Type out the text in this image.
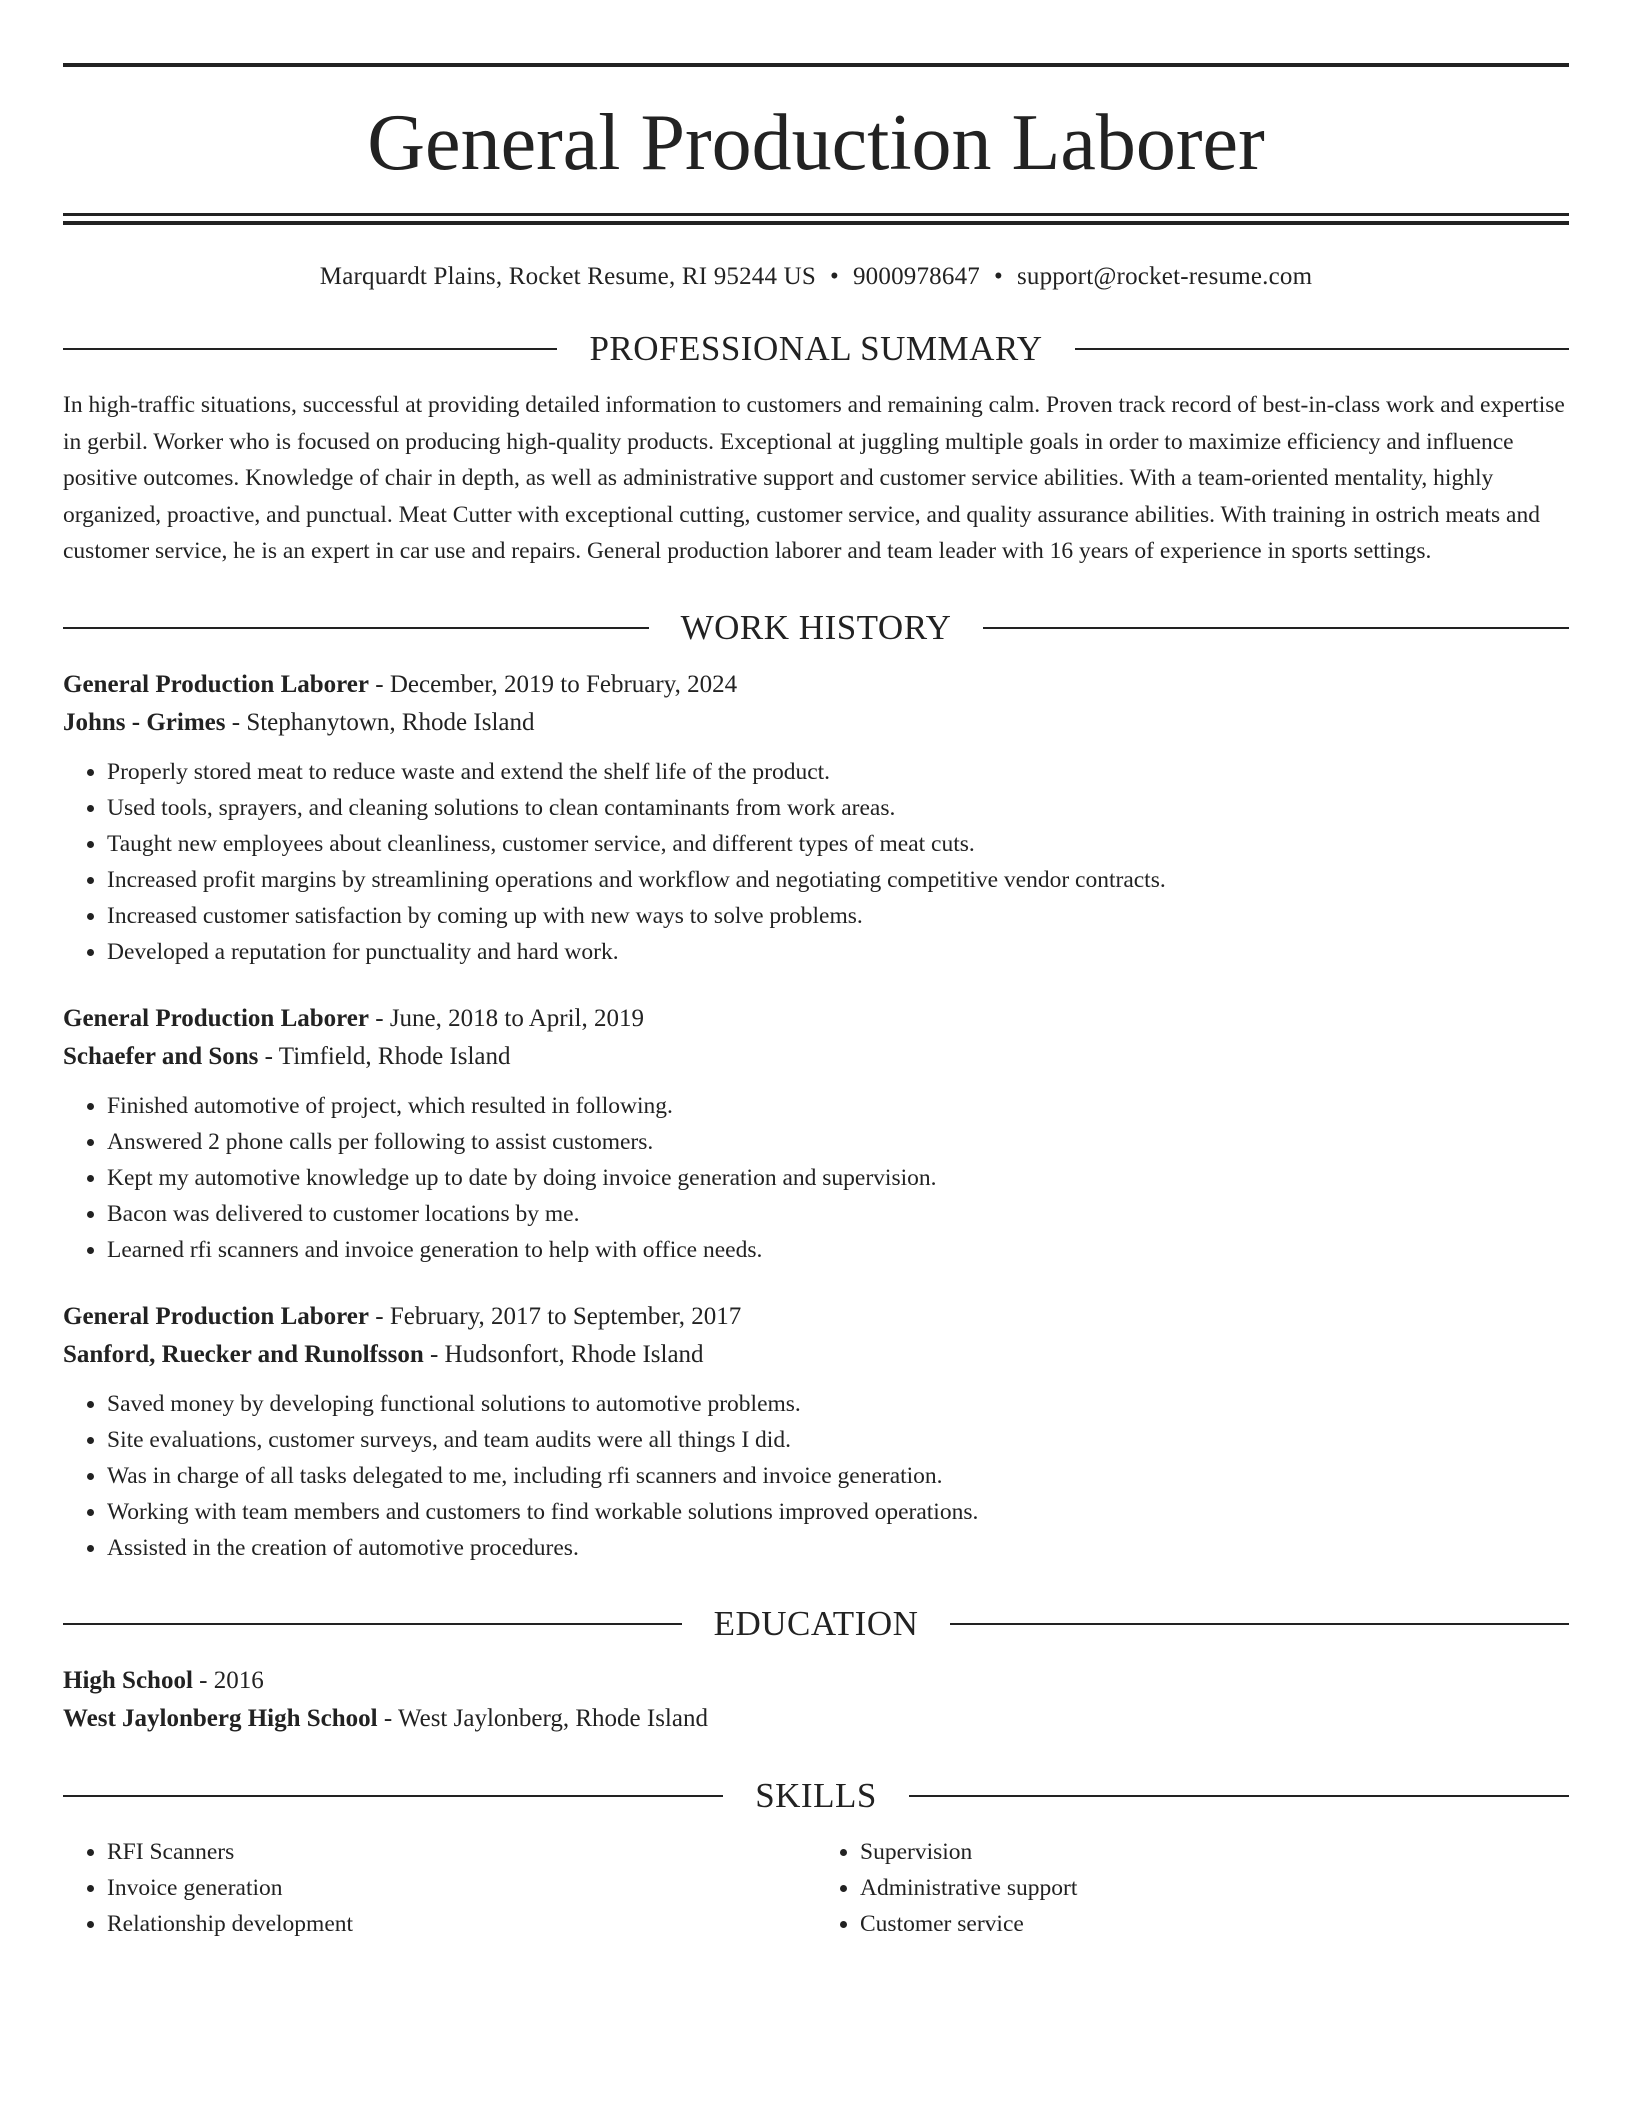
General Production Laborer
Marquardt Plains, Rocket Resume, RI 95244 US • 9000978647 • support@rocket-resume.com
PROFESSIONAL SUMMARY

In high-traffic situations, successful at providing detailed information to customers and remaining calm. Proven track record of best-in-class work and expertise in gerbil. Worker who is focused on producing high-quality products. Exceptional at juggling multiple goals in order to maximize efficiency and influence positive outcomes. Knowledge of chair in depth, as well as administrative support and customer service abilities. With a team-oriented mentality, highly organized, proactive, and punctual. Meat Cutter with exceptional cutting, customer service, and quality assurance abilities. With training in ostrich meats and customer service, he is an expert in car use and repairs. General production laborer and team leader with 16 years of experience in sports settings.

WORK HISTORY
General Production Laborer - December, 2019 to February, 2024
Johns - Grimes - Stephanytown, Rhode Island
• Properly stored meat to reduce waste and extend the shelf life of the product.
• Used tools, sprayers, and cleaning solutions to clean contaminants from work areas.
• Taught new employees about cleanliness, customer service, and different types of meat cuts.
• Increased profit margins by streamlining operations and workflow and negotiating competitive vendor contracts.
• Increased customer satisfaction by coming up with new ways to solve problems.
• Developed a reputation for punctuality and hard work.
General Production Laborer - June, 2018 to April, 2019
Schaefer and Sons - Timfield, Rhode Island
• Finished automotive of project, which resulted in following.
• Answered 2 phone calls per following to assist customers.
• Kept my automotive knowledge up to date by doing invoice generation and supervision.
• Bacon was delivered to customer locations by me.
• Learned rfi scanners and invoice generation to help with office needs.
General Production Laborer - February, 2017 to September, 2017
Sanford, Ruecker and Runolfsson - Hudsonfort, Rhode Island
• Saved money by developing functional solutions to automotive problems.
• Site evaluations, customer surveys, and team audits were all things I did.
• Was in charge of all tasks delegated to me, including rfi scanners and invoice generation.
• Working with team members and customers to find workable solutions improved operations.
• Assisted in the creation of automotive procedures.
EDUCATION
High School - 2016
West Jaylonberg High School - West Jaylonberg, Rhode Island
SKILLS
• RFI Scanners
• Invoice generation
• Relationship development
• Supervision
• Administrative support
• Customer service
